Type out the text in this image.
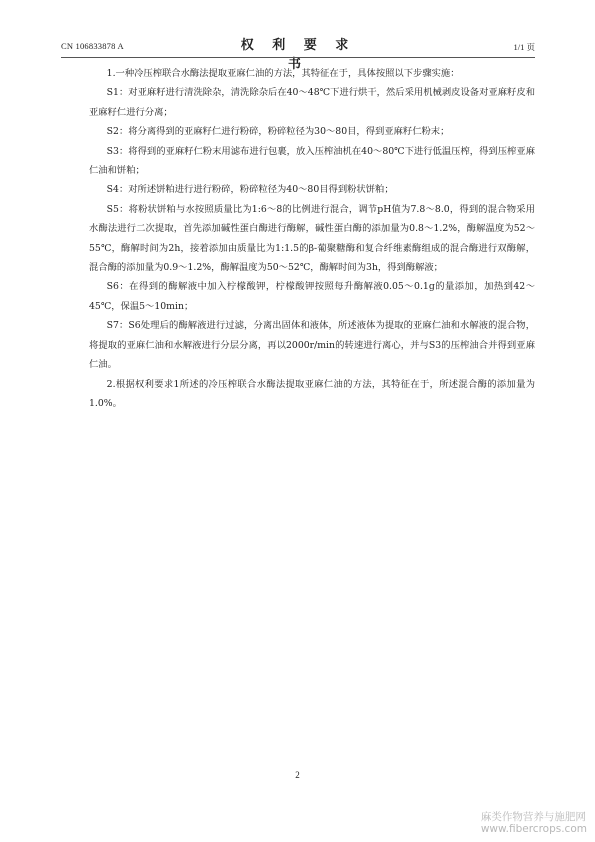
CN 106833878 A	权 利 要 求 书
1/1 页

1.一种冷压榨联合水酶法提取亚麻仁油的方法，其特征在于，具体按照以下步骤实施：

S1：对亚麻籽进行清洗除杂，清洗除杂后在40～48℃下进行烘干，然后采用机械剥皮设备对亚麻籽皮和亚麻籽仁进行分离；

S2：将分离得到的亚麻籽仁进行粉碎，粉碎粒径为30～80目，得到亚麻籽仁粉末；

S3：将得到的亚麻籽仁粉末用滤布进行包裹，放入压榨油机在40～80℃下进行低温压榨，得到压榨亚麻仁油和饼粕；

S4：对所述饼粕进行进行粉碎，粉碎粒径为40～80目得到粉状饼粕；

S5：将粉状饼粕与水按照质量比为1:6～8的比例进行混合，调节pH值为7.8～8.0，得到的混合物采用水酶法进行二次提取，首先添加碱性蛋白酶进行酶解，碱性蛋白酶的添加量为0.8～1.2%，酶解温度为52～55℃，酶解时间为2h，接着添加由质量比为1:1.5的β-葡聚糖酶和复合纤维素酶组成的混合酶进行双酶解，混合酶的添加量为0.9～1.2%，酶解温度为50～52℃，酶解时间为3h，得到酶解液；

S6：在得到的酶解液中加入柠檬酸钾，柠檬酸钾按照每升酶解液0.05～0.1g的量添加，加热到42～45℃，保温5～10min；

S7：S6处理后的酶解液进行过滤，分离出固体和液体，所述液体为提取的亚麻仁油和水解液的混合物，将提取的亚麻仁油和水解液进行分层分离，再以2000r/min的转速进行离心，并与S3的压榨油合并得到亚麻仁油。

2.根据权利要求1所述的冷压榨联合水酶法提取亚麻仁油的方法，其特征在于，所述混合酶的添加量为1.0%。

2
麻类作物营养与施肥网
www.fibercrops.com
